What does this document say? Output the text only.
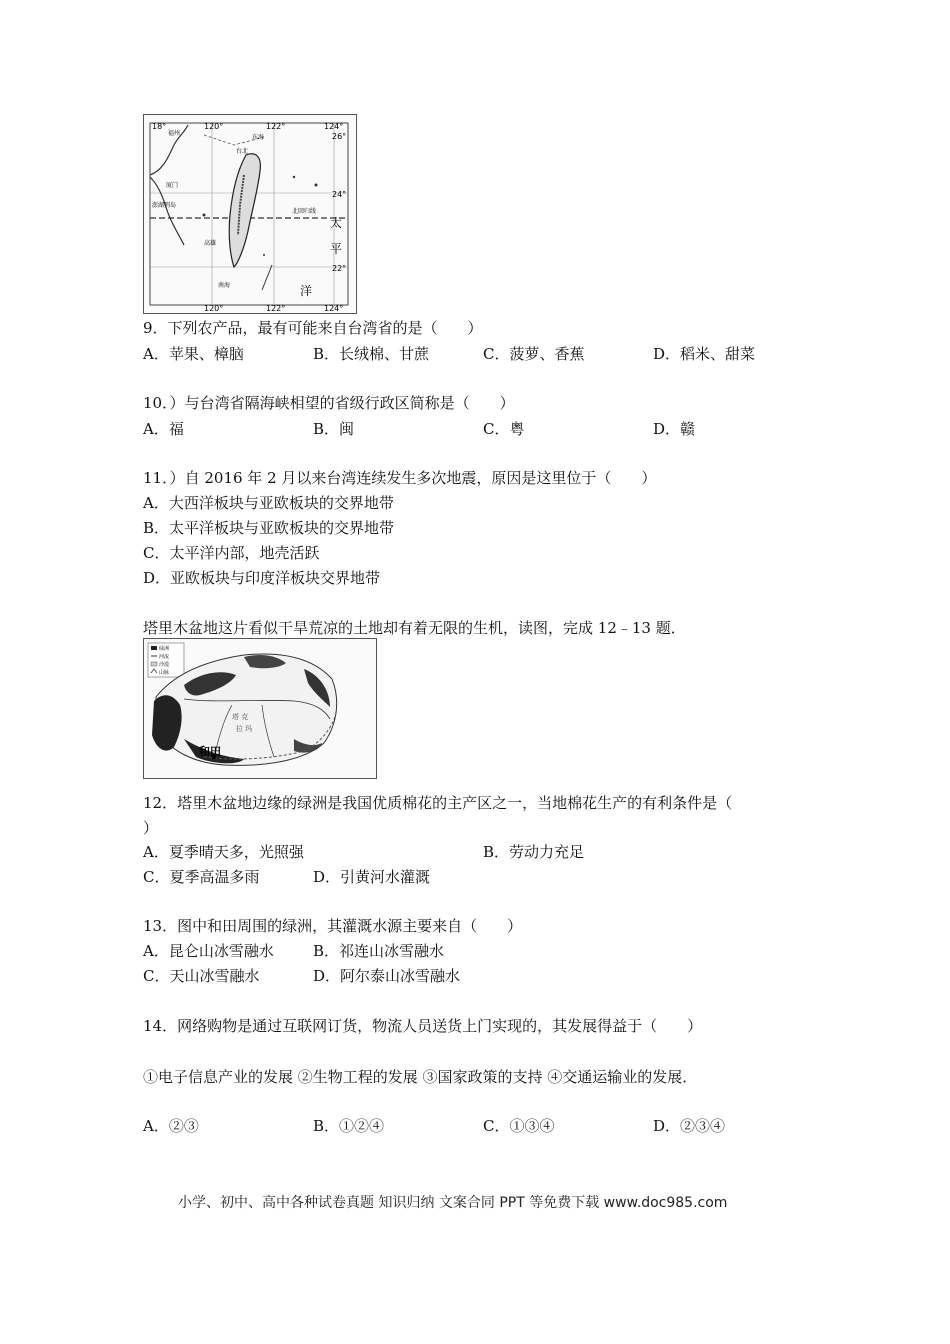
18°	120°	122°	124°
26°
24°
22°
120°	122°	124°
福州
东海
台北
厦门
澎湖列岛
北回归线
太
平
洋
高雄
南海
9．下列农产品，最有可能来自台湾省的是（　　）
A．苹果、樟脑	B．长绒棉、甘蔗	C．菠萝、香蕉	D．稻米、甜菜
10．）与台湾省隔海峡相望的省级行政区简称是（　　）
A．福	B．闽	C．粤	D．赣
11．）自 2016 年 2 月以来台湾连续发生多次地震，原因是这里位于（　　）
A．大西洋板块与亚欧板块的交界地带
B．太平洋板块与亚欧板块的交界地带
C．太平洋内部，地壳活跃
D．亚欧板块与印度洋板块交界地带
塔里木盆地这片看似干旱荒凉的土地却有着无限的生机，读图，完成 12﹣13 题．
绿洲
河流
沙漠
山脉
塔 克
拉 玛
和田
12．塔里木盆地边缘的绿洲是我国优质棉花的主产区之一，当地棉花生产的有利条件是（
）
A．夏季晴天多，光照强	B．劳动力充足
C．夏季高温多雨	D．引黄河水灌溉
13．图中和田周围的绿洲，其灌溉水源主要来自（　　）
A．昆仑山冰雪融水	B．祁连山冰雪融水
C．天山冰雪融水	D．阿尔泰山冰雪融水
14．网络购物是通过互联网订货，物流人员送货上门实现的，其发展得益于（　　）
①电子信息产业的发展 ②生物工程的发展 ③国家政策的支持 ④交通运输业的发展．
A．②③	B．①②④	C．①③④	D．②③④
小学、初中、高中各种试卷真题 知识归纳 文案合同 PPT 等免费下载 www.doc985.com
